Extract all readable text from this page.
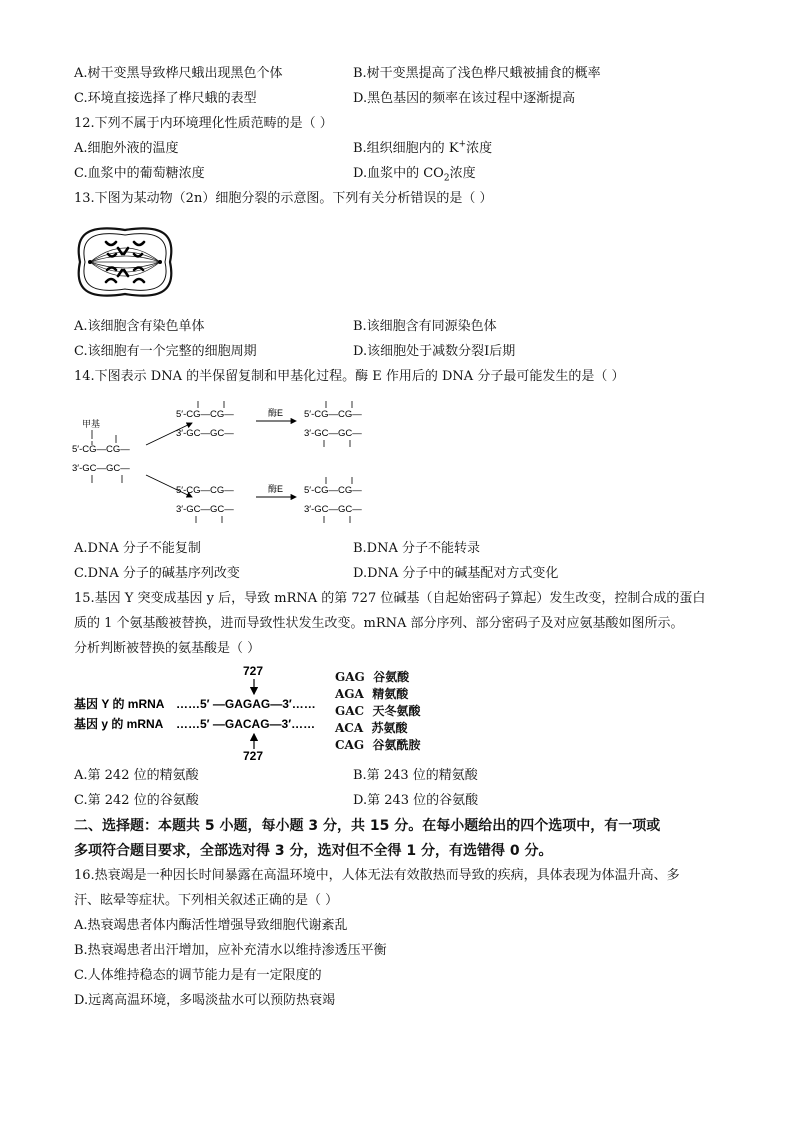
A.树干变黑导致桦尺蛾出现黑色个体	B.树干变黑提高了浅色桦尺蛾被捕食的概率
C.环境直接选择了桦尺蛾的表型	D.黑色基因的频率在该过程中逐渐提高
12.下列不属于内环境理化性质范畴的是（ ）
A.细胞外液的温度	B.组织细胞内的 K+浓度
C.血浆中的葡萄糖浓度	D.血浆中的 $CO_2$浓度
13.下图为某动物（2n）细胞分裂的示意图。下列有关分析错误的是（ ）
A.该细胞含有染色单体	B.该细胞含有同源染色体
C.该细胞有一个完整的细胞周期	D.该细胞处于减数分裂Ⅰ后期
14.下图表示 DNA 的半保留复制和甲基化过程。酶 E 作用后的 DNA 分子最可能发生的是（ ）
甲基
5′-CG—CG—
3′-GC—GC—
5′-CG—CG—
3′-GC—GC—
酶E 5′-CG—CG—
3′-GC—GC—
5′-CG—CG—
3′-GC—GC—
酶E 5′-CG—CG—
3′-GC—GC—
A.DNA 分子不能复制	B.DNA 分子不能转录
C.DNA 分子的碱基序列改变	D.DNA 分子中的碱基配对方式变化
15.基因 Y 突变成基因 y 后，导致 mRNA 的第 727 位碱基（自起始密码子算起）发生改变，控制合成的蛋白
质的 1 个氨基酸被替换，进而导致性状发生改变。mRNA 部分序列、部分密码子及对应氨基酸如图所示。
分析判断被替换的氨基酸是（ ）
727
基因 Y 的 mRNA ……5′ —GAGAG—3′……
基因 y 的 mRNA ……5′ —GACAG—3′……
727
GAG 谷氨酸
AGA 精氨酸
GAC 天冬氨酸
ACA 苏氨酸
CAG 谷氨酰胺
A.第 242 位的精氨酸	B.第 243 位的精氨酸
C.第 242 位的谷氨酸	D.第 243 位的谷氨酸
二、选择题：本题共 5 小题，每小题 3 分，共 15 分。在每小题给出的四个选项中，有一项或
多项符合题目要求，全部选对得 3 分，选对但不全得 1 分，有选错得 0 分。
16.热衰竭是一种因长时间暴露在高温环境中，人体无法有效散热而导致的疾病，具体表现为体温升高、多
汗、眩晕等症状。下列相关叙述正确的是（ ）
A.热衰竭患者体内酶活性增强导致细胞代谢紊乱
B.热衰竭患者出汗增加，应补充清水以维持渗透压平衡
C.人体维持稳态的调节能力是有一定限度的
D.远离高温环境，多喝淡盐水可以预防热衰竭
